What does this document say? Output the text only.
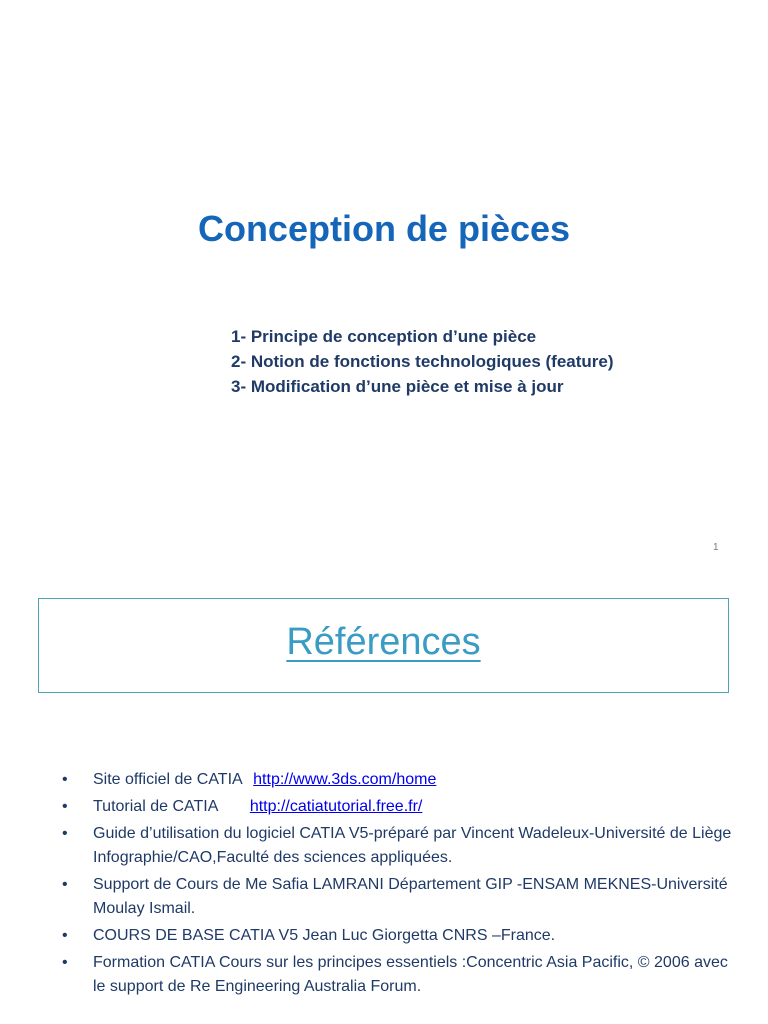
Conception de pièces
1- Principe de conception d’une pièce
2- Notion de fonctions technologiques (feature)
3- Modification d’une pièce et mise à jour
1
Références
•	Site officiel de CATIA http://www.3ds.com/home
•	Tutorial de CATIA http://catiatutorial.free.fr/
•	Guide d’utilisation du logiciel CATIA V5-préparé par Vincent Wadeleux-Université de Liège Infographie/CAO,Faculté des sciences appliquées.
•	Support de Cours de Me Safia LAMRANI Département GIP -ENSAM MEKNES-Université Moulay Ismail.
•	COURS DE BASE CATIA V5 Jean Luc Giorgetta CNRS –France.
•	Formation CATIA Cours sur les principes essentiels :Concentric Asia Pacific, © 2006 avec le support de Re Engineering Australia Forum.
